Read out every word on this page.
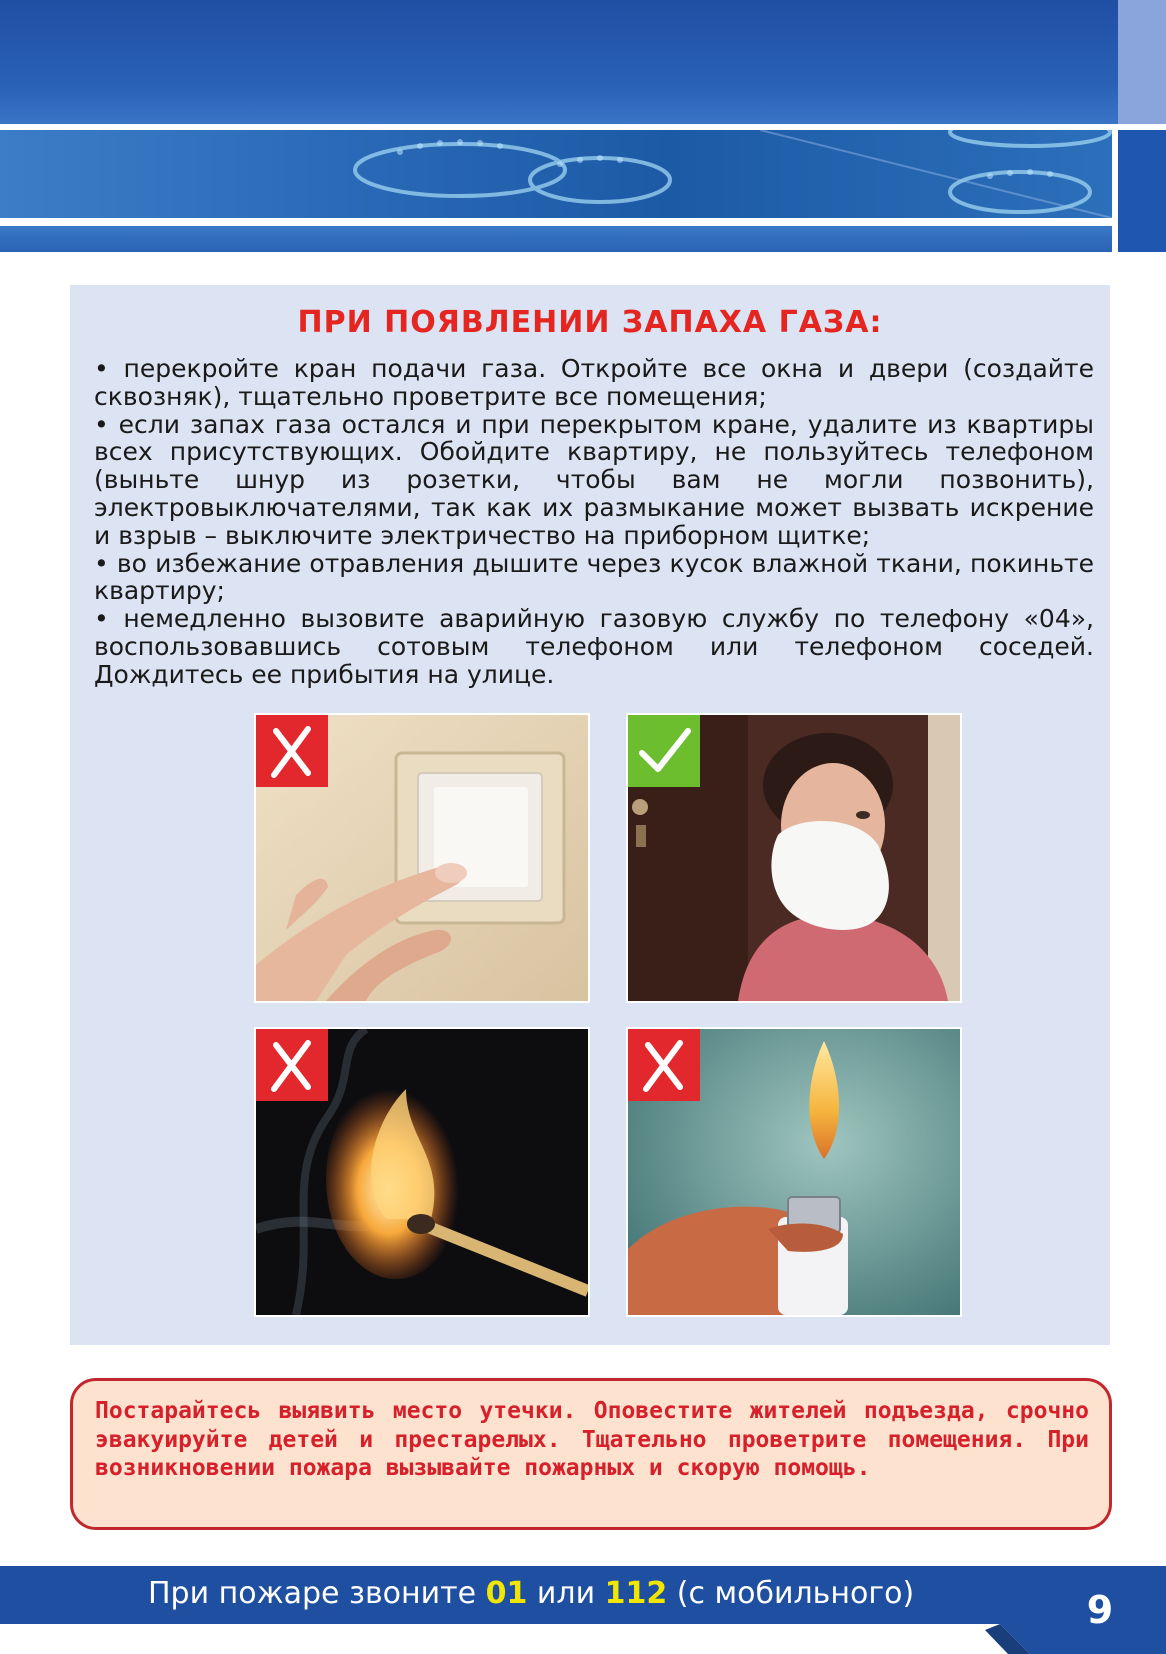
ПРИ ПОЯВЛЕНИИ ЗАПАХА ГАЗА:

• перекройте кран подачи газа. Откройте все окна и двери (создайте сквозняк), тщательно проветрите все помещения;

• если запах газа остался и при перекрытом кране, удалите из квартиры всех присутствующих. Обойдите квартиру, не пользуйтесь телефоном (выньте шнур из розетки, чтобы вам не могли позвонить), электровыключателями, так как их размыкание может вызвать искрение и взрыв – выключите электричество на приборном щитке;

• во избежание отравления дышите через кусок влажной ткани, покиньте квартиру;

• немедленно вызовите аварийную газовую службу по телефону «04», воспользовавшись сотовым телефоном или телефоном соседей. Дождитесь ее прибытия на улице.

Постарайтесь выявить место утечки. Оповестите жителей подъезда, срочно эвакуируйте детей и престарелых. Тщательно проветрите помещения. При возникновении пожара вызывайте пожарных и скорую помощь.
При пожаре звоните 01 или 112 (с мобильного)	9
